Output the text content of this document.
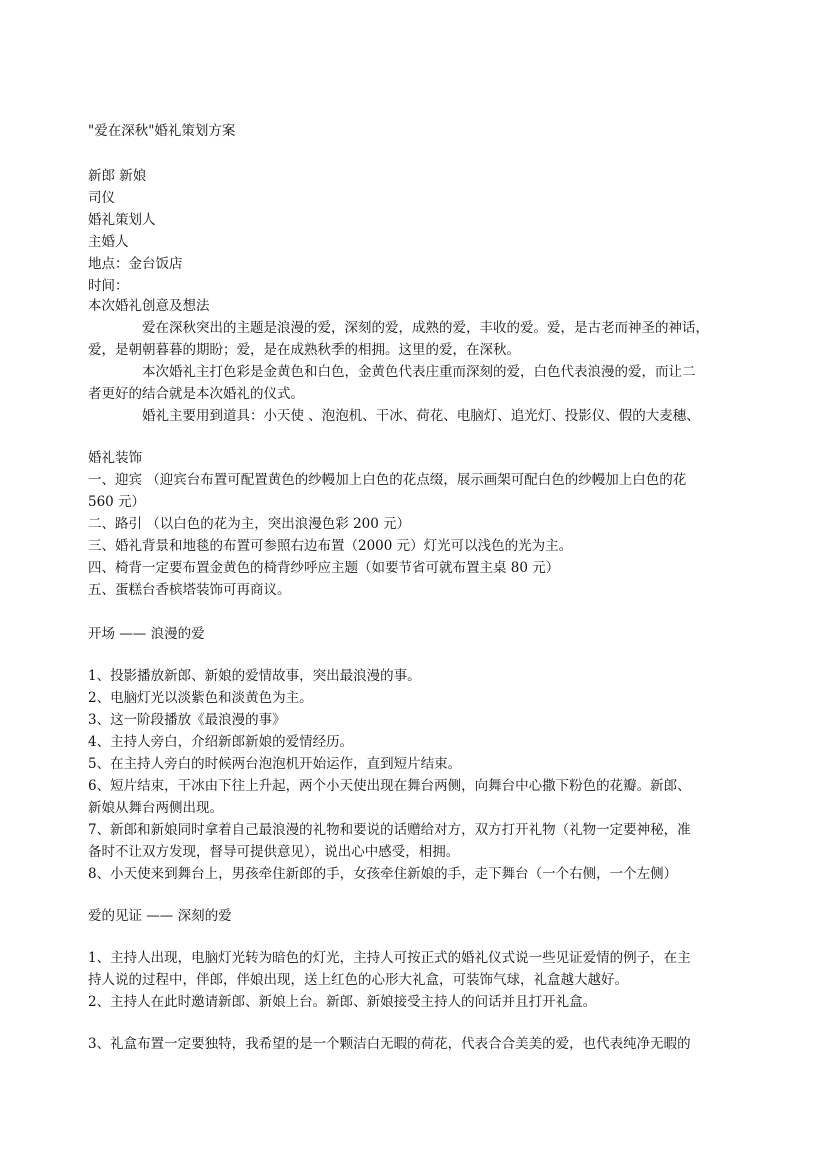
"爱在深秋"婚礼策划方案
新郎 新娘
司仪
婚礼策划人
主婚人
地点：金台饭店
时间：
本次婚礼创意及想法
爱在深秋突出的主题是浪漫的爱，深刻的爱，成熟的爱，丰收的爱。爱，是古老而神圣的神话，
爱，是朝朝暮暮的期盼；爱，是在成熟秋季的相拥。这里的爱，在深秋。
本次婚礼主打色彩是金黄色和白色，金黄色代表庄重而深刻的爱，白色代表浪漫的爱，而让二
者更好的结合就是本次婚礼的仪式。
婚礼主要用到道具：小天使 、泡泡机、干冰、荷花、电脑灯、追光灯、投影仪、假的大麦穗、
婚礼装饰
一、迎宾 （迎宾台布置可配置黄色的纱幔加上白色的花点缀，展示画架可配白色的纱幔加上白色的花
560 元）
二、路引 （以白色的花为主，突出浪漫色彩 200 元）
三、婚礼背景和地毯的布置可参照右边布置（2000 元）灯光可以浅色的光为主。
四、椅背一定要布置金黄色的椅背纱呼应主题（如要节省可就布置主桌 80 元）
五、蛋糕台香槟塔装饰可再商议。
开场 —— 浪漫的爱
1、投影播放新郎、新娘的爱情故事，突出最浪漫的事。
2、电脑灯光以淡紫色和淡黄色为主。
3、这一阶段播放《最浪漫的事》
4、主持人旁白，介绍新郎新娘的爱情经历。
5、在主持人旁白的时候两台泡泡机开始运作，直到短片结束。
6、短片结束，干冰由下往上升起，两个小天使出现在舞台两侧，向舞台中心撒下粉色的花瓣。新郎、
新娘从舞台两侧出现。
7、新郎和新娘同时拿着自己最浪漫的礼物和要说的话赠给对方，双方打开礼物（礼物一定要神秘，准
备时不让双方发现，督导可提供意见），说出心中感受，相拥。
8、小天使来到舞台上，男孩牵住新郎的手，女孩牵住新娘的手，走下舞台（一个右侧，一个左侧）
爱的见证 —— 深刻的爱
1、主持人出现，电脑灯光转为暗色的灯光，主持人可按正式的婚礼仪式说一些见证爱情的例子，在主
持人说的过程中，伴郎，伴娘出现，送上红色的心形大礼盒，可装饰气球，礼盒越大越好。
2、主持人在此时邀请新郎、新娘上台。新郎、新娘接受主持人的问话并且打开礼盒。
3、礼盒布置一定要独特，我希望的是一个颗洁白无暇的荷花，代表合合美美的爱，也代表纯净无暇的
